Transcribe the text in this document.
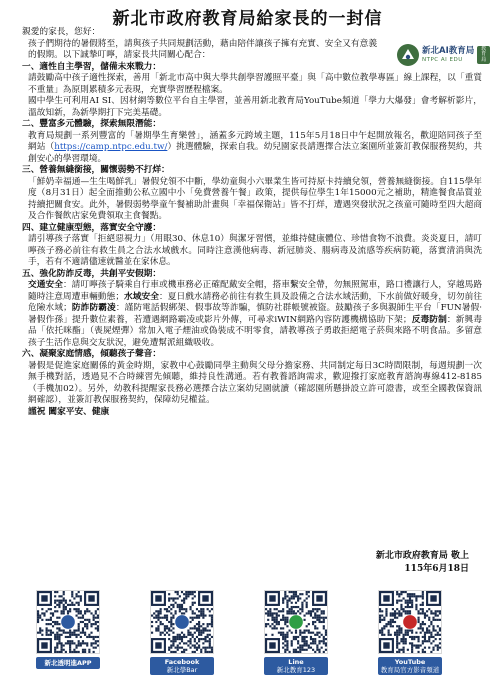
新北市政府教育局給家長的一封信
新北AI教育局
NTPC AI EDU
教育局
親愛的家長，您好：
孩子們期待的暑假將至，請與孩子共同規劃活動，藉由陪伴讓孩子擁有充實、安全又有意義的假期。以下誠摯叮嚀，請家長共同關心配合：
一、適性自主學習，儲備未來戰力：
請鼓勵高中孩子適性探索，善用「新北市高中與大學共創學習護照平臺」與「高中數位教學專區」線上課程，以「重質不重量」為原則累積多元表現，充實學習歷程檔案。
國中學生可利用AI SI、因材網等數位平台自主學習，並善用新北教育局YouTube頻道「學力大爆發」會考解析影片，溫故知新，為新學期打下完美基礎。
二、豐富多元體驗，探索無限潛能：
教育局規劃一系列豐富的「暑期學生育樂營」，涵蓋多元跨域主題，115年5月18日中午起開放報名，歡迎陪同孩子至網站（https://camp.ntpc.edu.tw/）挑選體驗，探索自我。幼兒園家長請選擇合法立案園所並簽訂教保服務契約，共創安心的學習環境。
三、營養無縫銜接，關懷弱勢不打烊：
「鮮奶幸福通—生生喝鮮乳」暑假兌領不中斷，學幼童與小六畢業生皆可持原卡持續兌領，營養無縫銜接。自115學年度（8月31日）起全面推動公私立國中小「免費營養午餐」政策，提供每位學生1年15000元之補助，精進餐食品質並持續把關食安。此外，暑假弱勢學童午餐補助計畫與「幸福保衛站」皆不打烊，遭遇突發狀況之孩童可隨時至四大超商及合作餐飲店家免費領取主食餐點。
四、建立健康型態，落實安全守護：
請引導孩子落實「拒絕惡視力」（用眼30、休息10）與潔牙習慣，並維持健康體位、珍惜食物不浪費。炎炎夏日，請叮嚀孩子務必前往有救生員之合法水域戲水。同時注意漢他病毒、新冠肺炎、腸病毒及流感等疾病防範，落實清消與洗手，若有不適請儘速就醫並在家休息。
五、強化防詐反毒，共創平安假期：
交通安全：請叮嚀孩子騎乘自行車或機車務必正確配戴安全帽，搭車繫安全帶，勿無照駕車，路口禮讓行人，穿越馬路隨時注意周遭車輛動態；水域安全：夏日戲水請務必前往有救生員及設備之合法水域活動，下水前做好暖身，切勿前往危險水域；防詐防霸凌：謹防電話假綁架、假事故等詐騙，慎防社群帳號被盜。鼓勵孩子多與親師生平台「FUN暑假·暑假作孫」提升數位素養，若遭遇網路霸凌或影片外傳，可尋求iWIN網路內容防護機構協助下架；反毒防制：新興毒品「依托咪酯」（喪屍煙彈）常加入電子煙油或偽裝成不明零食，請教導孩子勇敢拒絕電子菸與來路不明食品。多留意孩子生活作息與交友狀況，避免遭幫派組織吸收。
六、凝聚家庭情感，傾聽孩子聲音：
暑假是促進家庭關係的黃金時期，家教中心鼓勵同學主動與父母分擔家務、共同制定每日3C時間限制，每週規劃一次無手機對話，透過見不合時練習先傾聽，維持良性溝通。若有教養諮詢需求，歡迎撥打家庭教育諮詢專線412-8185（手機加02）。另外，幼教科提醒家長務必選擇合法立案幼兒園就讀（確認園所懸掛設立許可證書，或至全國教保資訊網確認），並簽訂教保服務契約，保障幼兒權益。
謹祝 闔家平安、健康
新北市政府教育局 敬上
115年6月18日
新北透明進APP	Facebook
新北學Bar
Line
新北教育123
YouTube
教育局官方影音頻道
